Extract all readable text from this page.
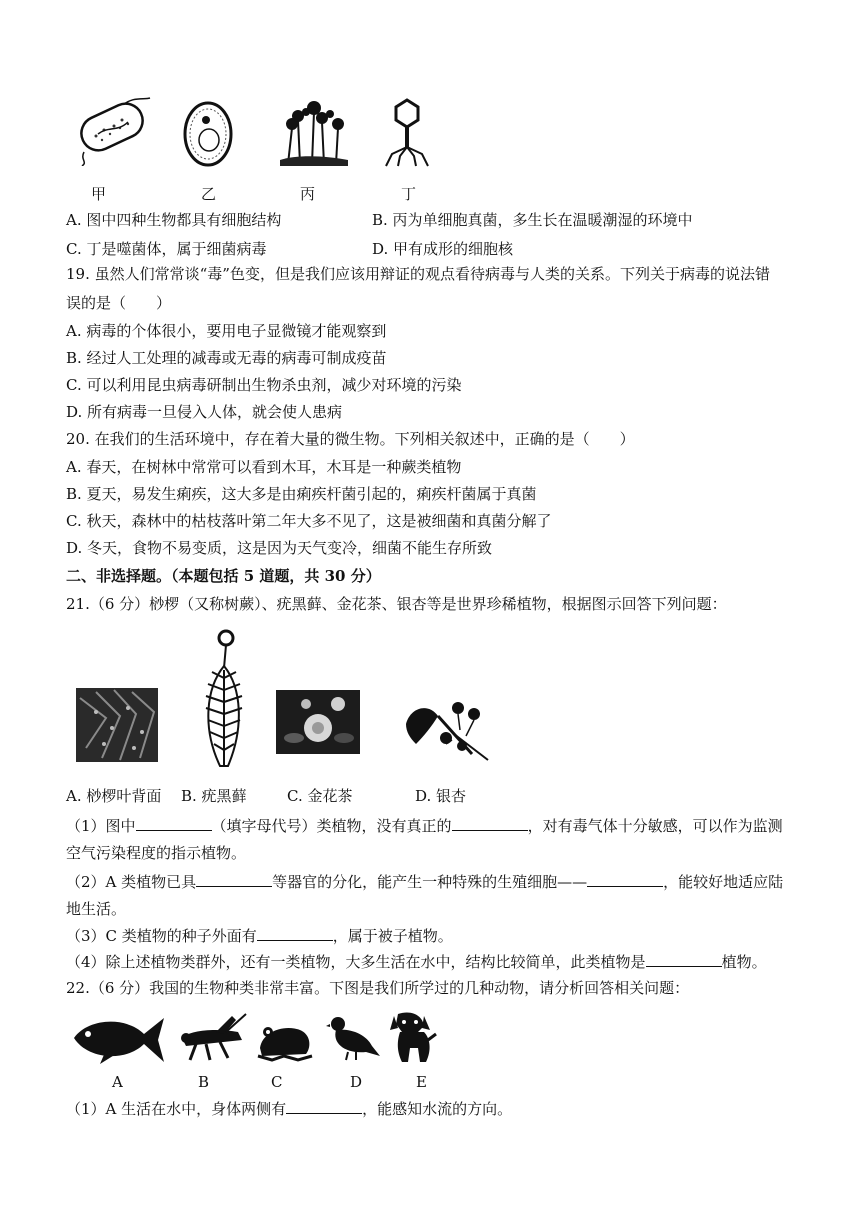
甲	乙	丙	丁
A. 图中四种生物都具有细胞结构	B. 丙为单细胞真菌，多生长在温暖潮湿的环境中
C. 丁是噬菌体，属于细菌病毒	D. 甲有成形的细胞核
19. 虽然人们常常谈“毒”色变，但是我们应该用辩证的观点看待病毒与人类的关系。下列关于病毒的说法错
误的是（　　）
A. 病毒的个体很小，要用电子显微镜才能观察到
B. 经过人工处理的减毒或无毒的病毒可制成疫苗
C. 可以利用昆虫病毒研制出生物杀虫剂，减少对环境的污染
D. 所有病毒一旦侵入人体，就会使人患病
20. 在我们的生活环境中，存在着大量的微生物。下列相关叙述中，正确的是（　　）
A. 春天，在树林中常常可以看到木耳，木耳是一种蕨类植物
B. 夏天，易发生痢疾，这大多是由痢疾杆菌引起的，痢疾杆菌属于真菌
C. 秋天，森林中的枯枝落叶第二年大多不见了，这是被细菌和真菌分解了
D. 冬天，食物不易变质，这是因为天气变冷，细菌不能生存所致
二、非选择题。（本题包括 5 道题，共 30 分）
21.（6 分）桫椤（又称树蕨）、疣黑藓、金花茶、银杏等是世界珍稀植物，根据图示回答下列问题：
A. 桫椤叶背面 B. 疣黑藓	C. 金花茶	D. 银杏
（1）图中	（填字母代号）类植物，没有真正的	，对有毒气体十分敏感，可以作为监测
空气污染程度的指示植物。
（2）A 类植物已具	等器官的分化，能产生一种特殊的生殖细胞——	，能较好地适应陆
地生活。
（3）C 类植物的种子外面有	，属于被子植物。
（4）除上述植物类群外，还有一类植物，大多生活在水中，结构比较简单，此类植物是	植物。
22.（6 分）我国的生物种类非常丰富。下图是我们所学过的几种动物，请分析回答相关问题：
A	B	C	D	E
（1）A 生活在水中，身体两侧有	，能感知水流的方向。
